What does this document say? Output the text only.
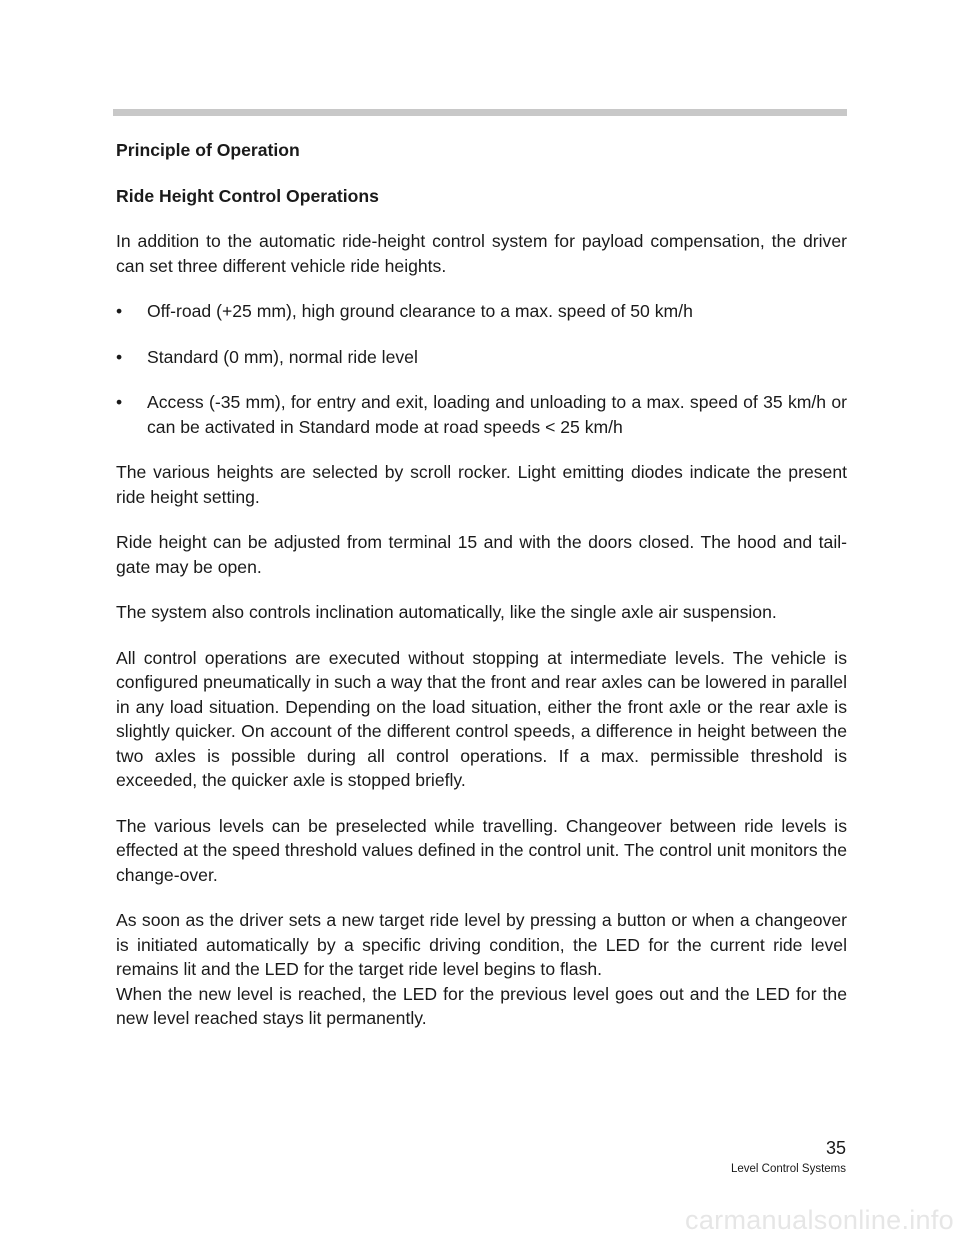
Principle of Operation
Ride Height Control Operations
In addition to the automatic ride-height control system for payload compensation, the driver can set three different vehicle ride heights.
• Off-road (+25 mm), high ground clearance to a max. speed of 50 km/h
• Standard (0 mm), normal ride level
• Access (-35 mm), for entry and exit, loading and unloading to a max. speed of 35 km/h or can be activated in Standard mode at road speeds < 25 km/h
The various heights are selected by scroll rocker. Light emitting diodes indicate the present ride height setting.
Ride height can be adjusted from terminal 15 and with the doors closed. The hood and tailgate may be open.
The system also controls inclination automatically, like the single axle air suspension.
All control operations are executed without stopping at intermediate levels. The vehicle is configured pneumatically in such a way that the front and rear axles can be lowered in parallel in any load situation. Depending on the load situation, either the front axle or the rear axle is slightly quicker. On account of the different control speeds, a difference in height between the two axles is possible during all control operations. If a max. permissible threshold is exceeded, the quicker axle is stopped briefly.
The various levels can be preselected while travelling. Changeover between ride levels is effected at the speed threshold values defined in the control unit. The control unit monitors the change-over.
As soon as the driver sets a new target ride level by pressing a button or when a changeover is initiated automatically by a specific driving condition, the LED for the current ride level remains lit and the LED for the target ride level begins to flash.
When the new level is reached, the LED for the previous level goes out and the LED for the new level reached stays lit permanently.
35
Level Control Systems
carmanualsonline.info
